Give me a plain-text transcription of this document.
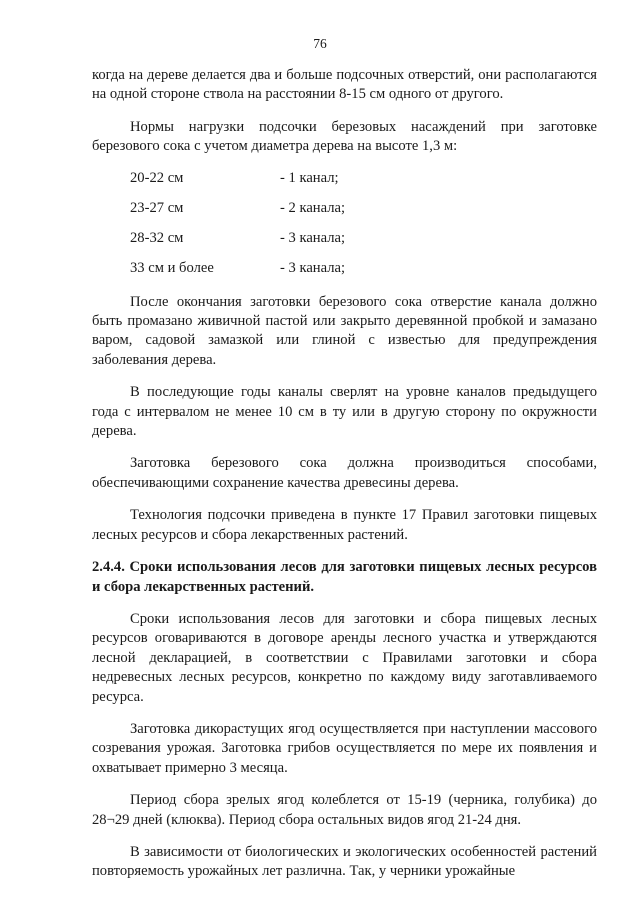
76

когда на дереве делается два и больше подсочных отверстий, они располагаются на одной стороне ствола на расстоянии 8-15 см одного от другого.

Нормы нагрузки подсочки березовых насаждений при заготовке березового сока с учетом диаметра дерева на высоте 1,3 м:

20-22 см	- 1 канал;
23-27 см	- 2 канала;
28-32 см	- 3 канала;
33 см и более	- 3 канала;

После окончания заготовки березового сока отверстие канала должно быть промазано живичной пастой или закрыто деревянной пробкой и замазано варом, садовой замазкой или глиной с известью для предупреждения заболевания дерева.

В последующие годы каналы сверлят на уровне каналов предыдущего года с интервалом не менее 10 см в ту или в другую сторону по окружности дерева.

Заготовка березового сока должна производиться способами, обеспечивающими сохранение качества древесины дерева.

Технология подсочки приведена в пункте 17 Правил заготовки пищевых лесных ресурсов и сбора лекарственных растений.

2.4.4. Сроки использования лесов для заготовки пищевых лесных ресурсов и сбора лекарственных растений.

Сроки использования лесов для заготовки и сбора пищевых лесных ресурсов оговариваются в договоре аренды лесного участка и утверждаются лесной декларацией, в соответствии с Правилами заготовки и сбора недревесных лесных ресурсов, конкретно по каждому виду заготавливаемого ресурса.

Заготовка дикорастущих ягод осуществляется при наступлении массового созревания урожая. Заготовка грибов осуществляется по мере их появления и охватывает примерно 3 месяца.

Период сбора зрелых ягод колеблется от 15-19 (черника, голубика) до 28¬29 дней (клюква). Период сбора остальных видов ягод 21-24 дня.

В зависимости от биологических и экологических особенностей растений повторяемость урожайных лет различна. Так, у черники урожайные
